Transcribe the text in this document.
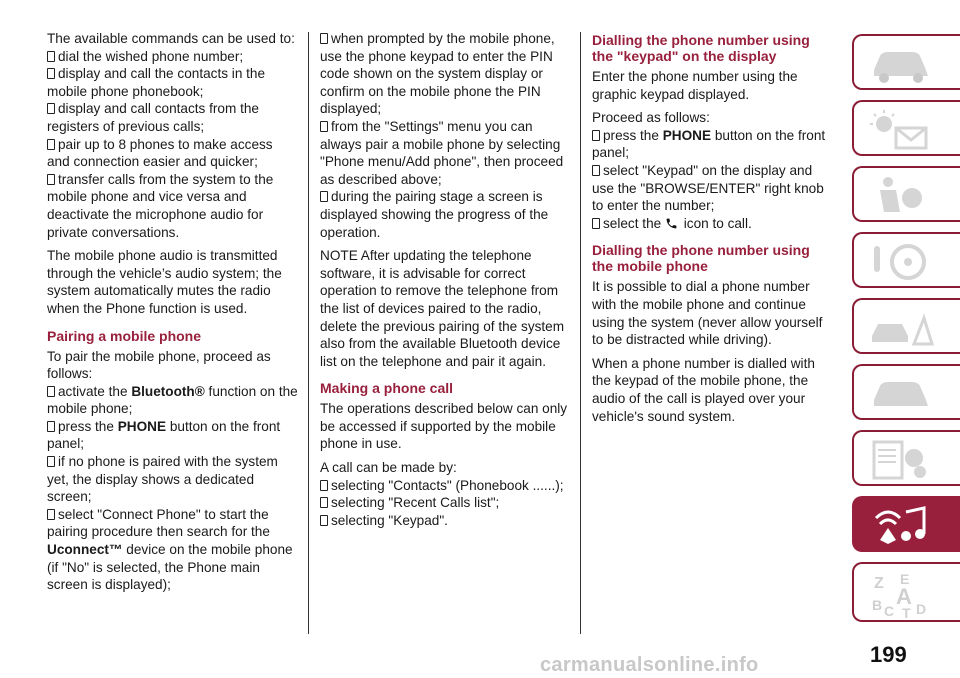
The available commands can be used to:

dial the wished phone number;
display and call the contacts in the mobile phone phonebook;
display and call contacts from the registers of previous calls;
pair up to 8 phones to make access and connection easier and quicker;
transfer calls from the system to the mobile phone and vice versa and deactivate the microphone audio for private conversations.

The mobile phone audio is transmitted through the vehicle’s audio system; the system automatically mutes the radio when the Phone function is used.

Pairing a mobile phone

To pair the mobile phone, proceed as follows:

activate the Bluetooth® function on the mobile phone;
press the PHONE button on the front panel;
if no phone is paired with the system yet, the display shows a dedicated screen;
select "Connect Phone" to start the pairing procedure then search for the Uconnect™ device on the mobile phone (if "No" is selected, the Phone main screen is displayed);
when prompted by the mobile phone, use the phone keypad to enter the PIN code shown on the system display or confirm on the mobile phone the PIN displayed;
from the "Settings" menu you can always pair a mobile phone by selecting "Phone menu/Add phone", then proceed as described above;
during the pairing stage a screen is displayed showing the progress of the operation.

NOTE After updating the telephone software, it is advisable for correct operation to remove the telephone from the list of devices paired to the radio, delete the previous pairing of the system also from the available Bluetooth device list on the telephone and pair it again.

Making a phone call

The operations described below can only be accessed if supported by the mobile phone in use.

A call can be made by:

selecting "Contacts" (Phonebook ......);
selecting "Recent Calls list";
selecting "Keypad".
Dialling the phone number using the "keypad" on the display

Enter the phone number using the graphic keypad displayed.

Proceed as follows:

press the PHONE button on the front panel;
select "Keypad" on the display and use the "BROWSE/ENTER" right knob to enter the number;
select the  icon to call.
Dialling the phone number using the mobile phone

It is possible to dial a phone number with the mobile phone and continue using the system (never allow yourself to be distracted while driving).

When a phone number is dialled with the keypad of the mobile phone, the audio of the call is played over your vehicle's sound system.

Z E
A
B C D
T
199
carmanualsonline.info
